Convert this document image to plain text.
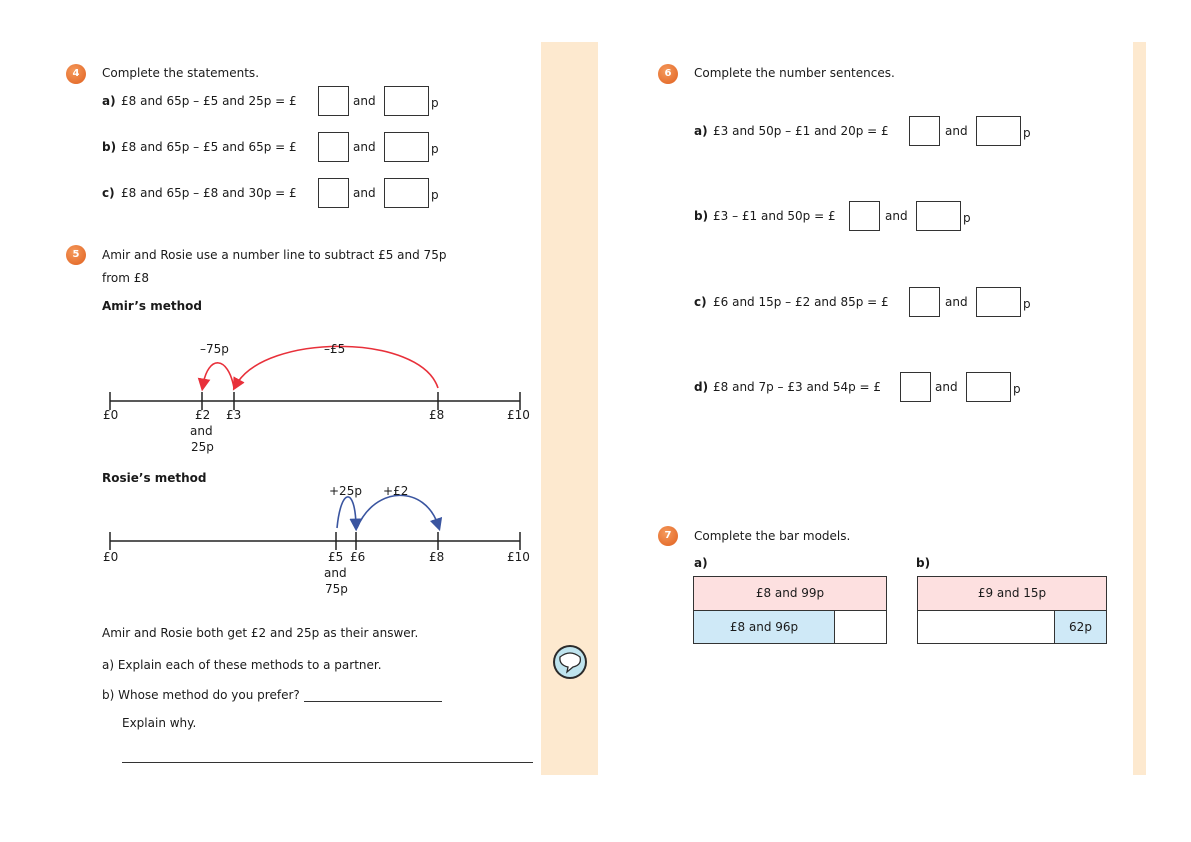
4	Complete the statements.
a) £8 and 65p – £5 and 25p = £	and	p
b) £8 and 65p – £5 and 65p = £	and	p
c) £8 and 65p – £8 and 30p = £	and	p
5	Amir and Rosie use a number line to subtract £5 and 75p
from £8
Amir’s method
–75p	–£5
£0	£2 £3	£8	£10
and
25p
Rosie’s method
+25p +£2
£0	£5 £6	£8	£10
and
75p
Amir and Rosie both get £2 and 25p as their answer.
a) Explain each of these methods to a partner.
b) Whose method do you prefer?
Explain why.
6	Complete the number sentences.
a) £3 and 50p – £1 and 20p = £	and	p
b) £3 – £1 and 50p = £	and	p
c) £6 and 15p – £2 and 85p = £	and	p
d) £8 and 7p – £3 and 54p = £	and	p
7	Complete the bar models.
a)
£8 and 99p
£8 and 96p
b)
£9 and 15p
62p
